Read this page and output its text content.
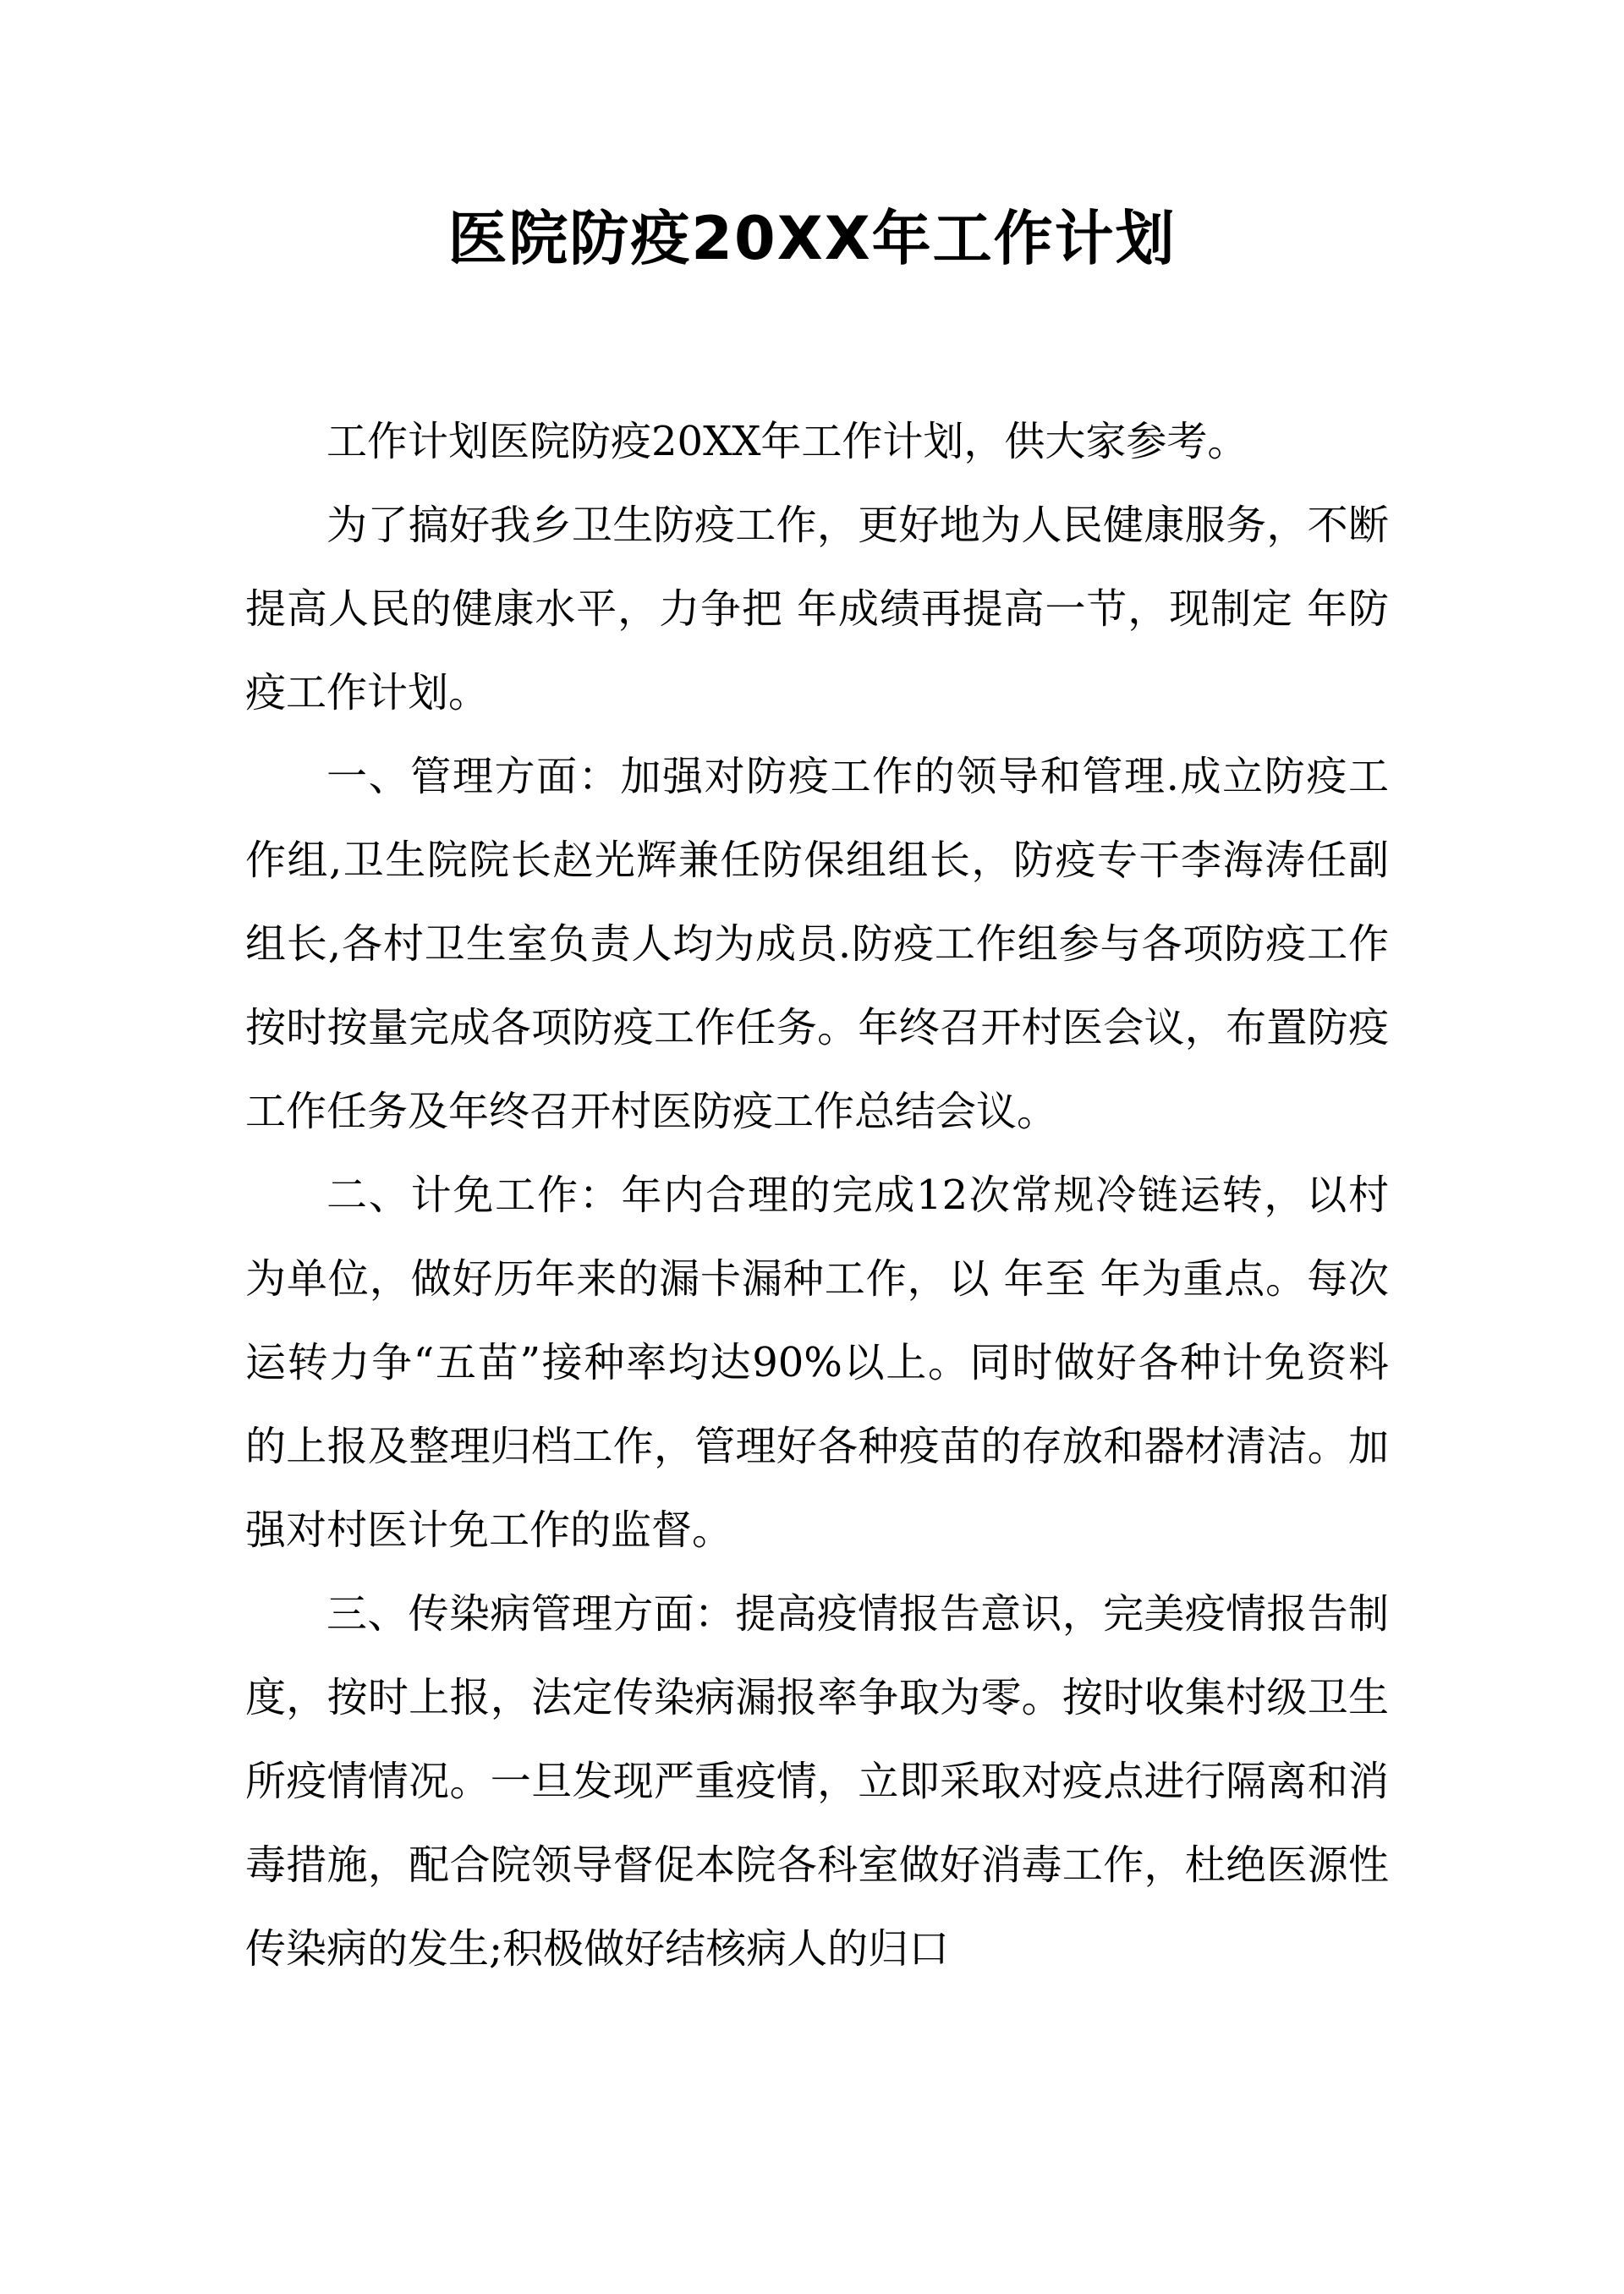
医院防疫20XX年工作计划

工作计划医院防疫20XX年工作计划，供大家参考。

为了搞好我乡卫生防疫工作，更好地为人民健康服务，不断提高人民的健康水平，力争把 年成绩再提高一节，现制定 年防疫工作计划。

一、管理方面：加强对防疫工作的领导和管理.成立防疫工作组,卫生院院长赵光辉兼任防保组组长，防疫专干李海涛任副组长,各村卫生室负责人均为成员.防疫工作组参与各项防疫工作按时按量完成各项防疫工作任务。年终召开村医会议，布置防疫工作任务及年终召开村医防疫工作总结会议。

二、计免工作：年内合理的完成12次常规冷链运转，以村为单位，做好历年来的漏卡漏种工作，以 年至 年为重点。每次运转力争“五苗”接种率均达90%以上。同时做好各种计免资料的上报及整理归档工作，管理好各种疫苗的存放和器材清洁。加强对村医计免工作的监督。

三、传染病管理方面：提高疫情报告意识，完美疫情报告制度，按时上报，法定传染病漏报率争取为零。按时收集村级卫生所疫情情况。一旦发现严重疫情，立即采取对疫点进行隔离和消毒措施，配合院领导督促本院各科室做好消毒工作，杜绝医源性传染病的发生;积极做好结核病人的归口
